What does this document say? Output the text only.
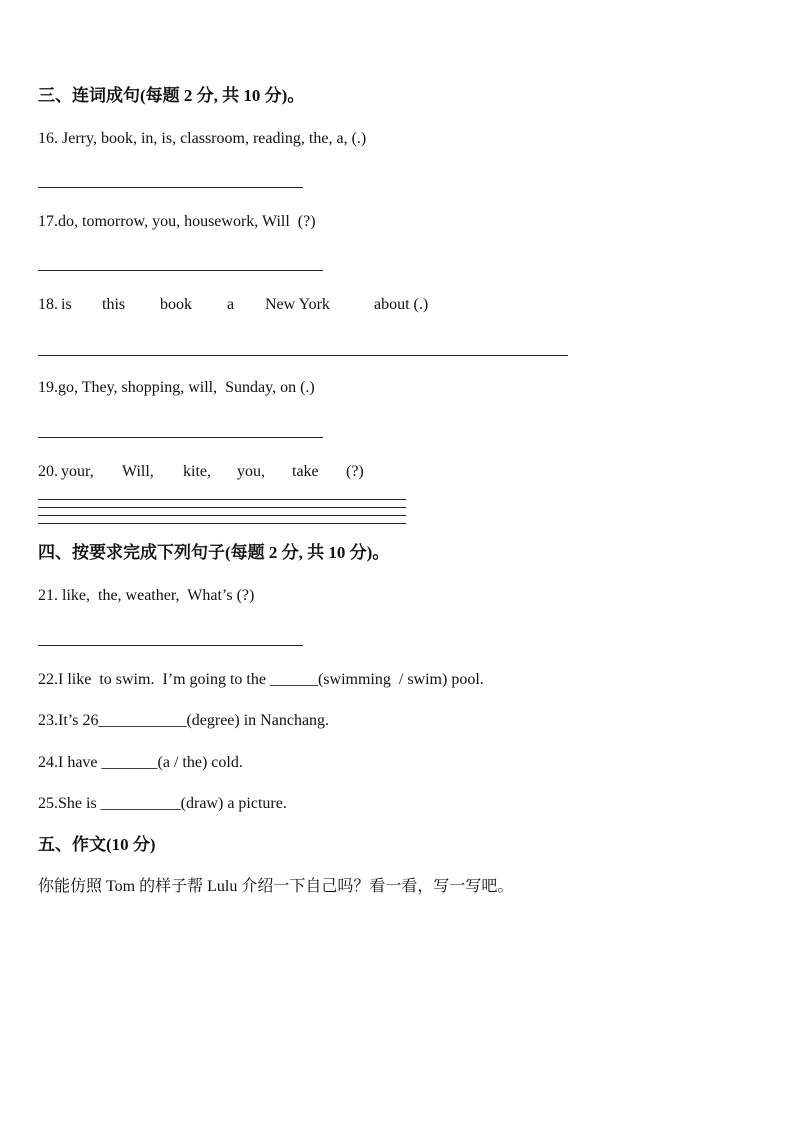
三、连词成句(每题 2 分, 共 10 分)。
16. Jerry, book, in, is, classroom, reading, the, a, (.)
17.do, tomorrow, you, housework, Will  (?)
18. is this book a New York	about (.)
19.go, They, shopping, will,  Sunday, on (.)
20. your, Will, kite, you, take (?)
四、按要求完成下列句子(每题 2 分, 共 10 分)。
21. like,  the, weather,  What’s (?)
22.I like  to swim.  I’m going to the ______(swimming  / swim) pool.
23.It’s 26___________(degree) in Nanchang.
24.I have _______(a / the) cold.
25.She is __________(draw) a picture.
五、作文(10 分)
你能仿照 Tom 的样子帮 Lulu 介绍一下自己吗？看一看，写一写吧。
